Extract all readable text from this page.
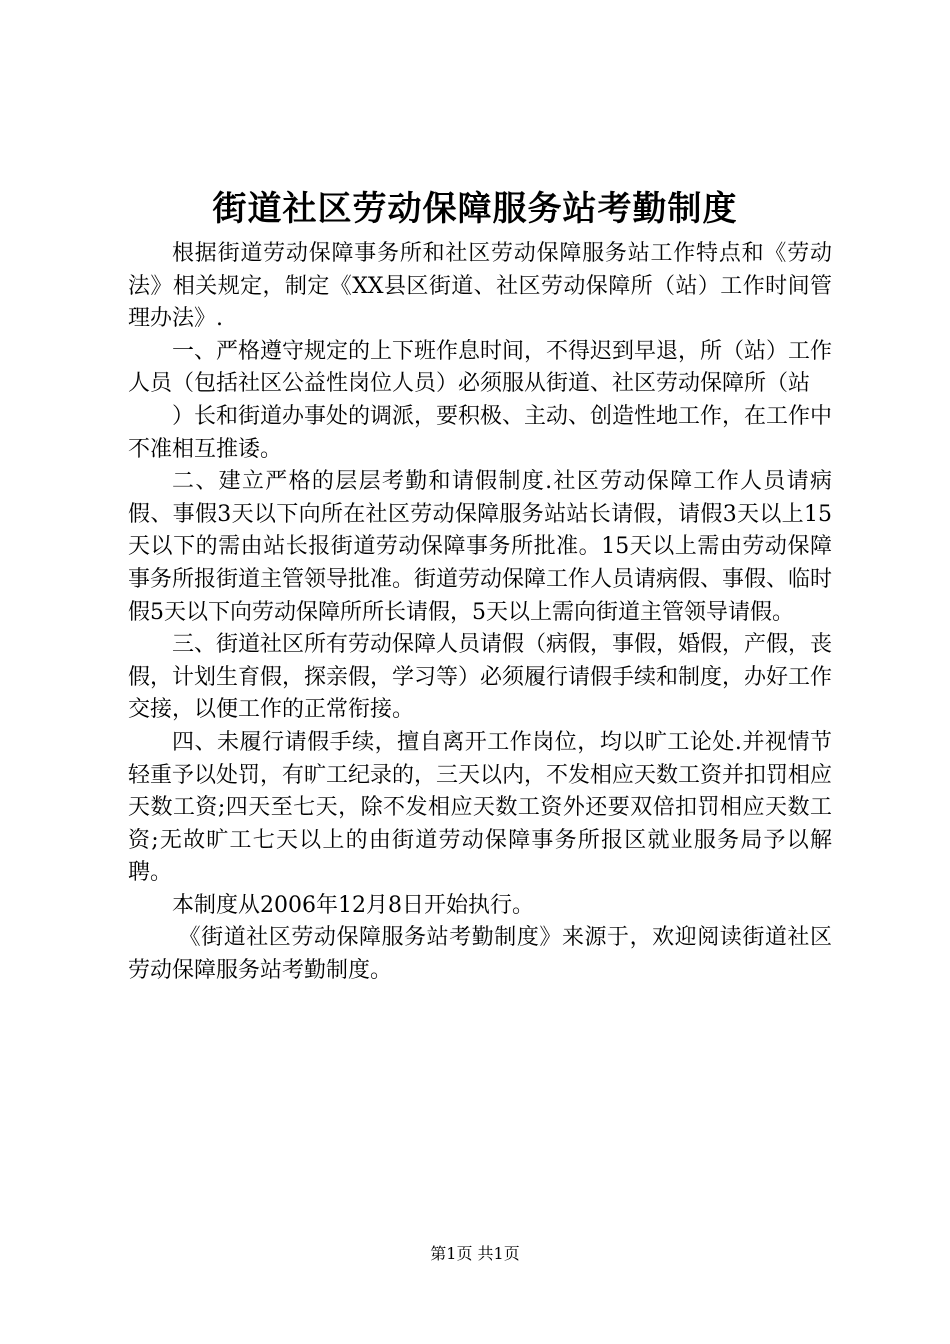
街道社区劳动保障服务站考勤制度

根据街道劳动保障事务所和社区劳动保障服务站工作特点和《劳动法》相关规定，制定《XX县区街道、社区劳动保障所（站）工作时间管理办法》.

一、严格遵守规定的上下班作息时间，不得迟到早退，所（站）工作人员（包括社区公益性岗位人员）必须服从街道、社区劳动保障所（站

）长和街道办事处的调派，要积极、主动、创造性地工作，在工作中不准相互推诿。

二、建立严格的层层考勤和请假制度.社区劳动保障工作人员请病假、事假3天以下向所在社区劳动保障服务站站长请假，请假3天以上15天以下的需由站长报街道劳动保障事务所批准。15天以上需由劳动保障事务所报街道主管领导批准。街道劳动保障工作人员请病假、事假、临时假5天以下向劳动保障所所长请假，5天以上需向街道主管领导请假。

三、街道社区所有劳动保障人员请假（病假，事假，婚假，产假，丧假，计划生育假，探亲假，学习等）必须履行请假手续和制度，办好工作交接，以便工作的正常衔接。

四、未履行请假手续，擅自离开工作岗位，均以旷工论处.并视情节轻重予以处罚，有旷工纪录的，三天以内，不发相应天数工资并扣罚相应天数工资;四天至七天，除不发相应天数工资外还要双倍扣罚相应天数工资;无故旷工七天以上的由街道劳动保障事务所报区就业服务局予以解聘。

本制度从2006年12月8日开始执行。

《街道社区劳动保障服务站考勤制度》来源于，欢迎阅读街道社区劳动保障服务站考勤制度。

第1页 共1页
